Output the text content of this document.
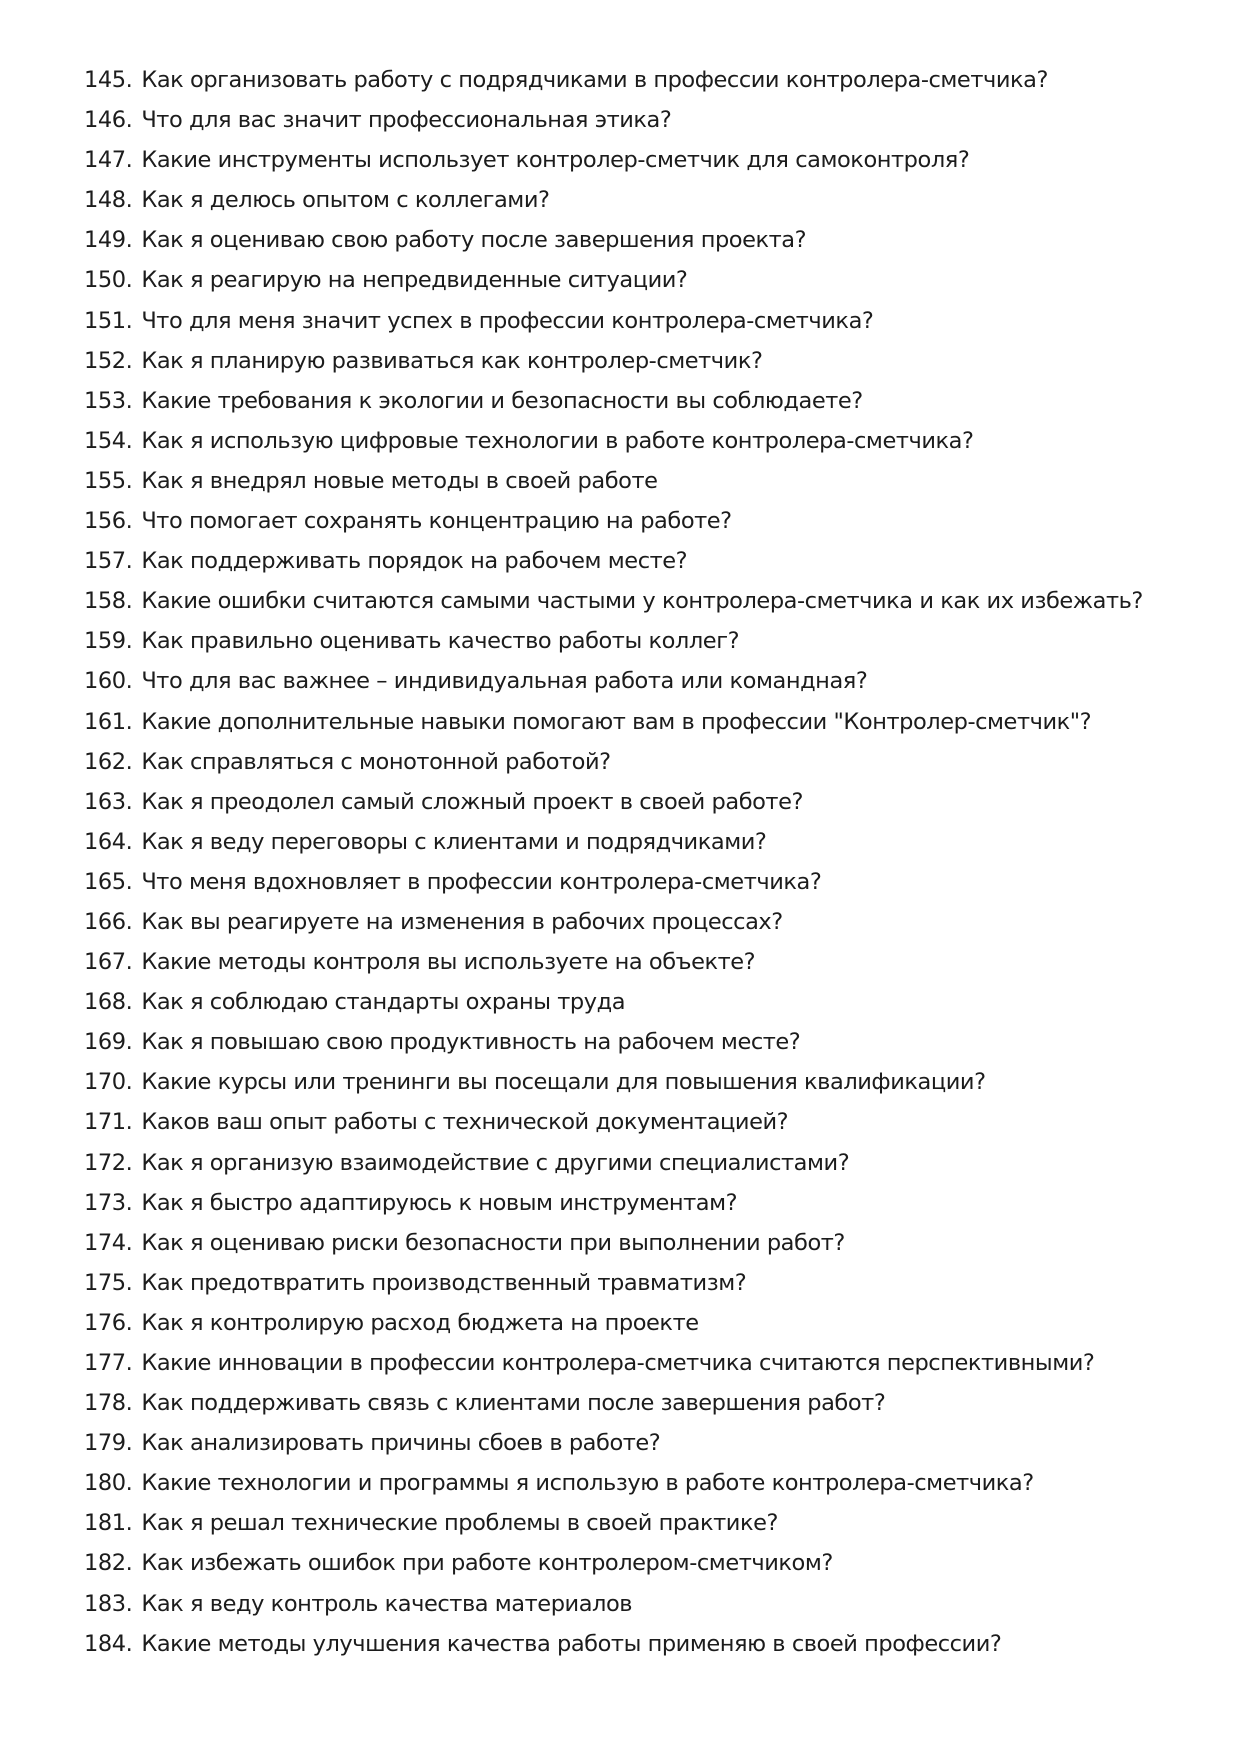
145 . Как организовать работу с подрядчиками в профессии контролера-сметчика?
146 . Что для вас значит профессиональная этика?
147 . Какие инструменты использует контролер-сметчик для самоконтроля?
148 . Как я делюсь опытом с коллегами?
149 . Как я оцениваю свою работу после завершения проекта?
150 . Как я реагирую на непредвиденные ситуации?
151 . Что для меня значит успех в профессии контролера-сметчика?
152 . Как я планирую развиваться как контролер-сметчик?
153 . Какие требования к экологии и безопасности вы соблюдаете?
154 . Как я использую цифровые технологии в работе контролера-сметчика?
155 . Как я внедрял новые методы в своей работе
156 . Что помогает сохранять концентрацию на работе?
157 . Как поддерживать порядок на рабочем месте?
158 . Какие ошибки считаются самыми частыми у контролера-сметчика и как их избежать?
159 . Как правильно оценивать качество работы коллег?
160 . Что для вас важнее – индивидуальная работа или командная?
161 . Какие дополнительные навыки помогают вам в профессии "Контролер-сметчик"?
162 . Как справляться с монотонной работой?
163 . Как я преодолел самый сложный проект в своей работе?
164 . Как я веду переговоры с клиентами и подрядчиками?
165 . Что меня вдохновляет в профессии контролера-сметчика?
166 . Как вы реагируете на изменения в рабочих процессах?
167 . Какие методы контроля вы используете на объекте?
168 . Как я соблюдаю стандарты охраны труда
169 . Как я повышаю свою продуктивность на рабочем месте?
170 . Какие курсы или тренинги вы посещали для повышения квалификации?
171 . Каков ваш опыт работы с технической документацией?
172 . Как я организую взаимодействие с другими специалистами?
173 . Как я быстро адаптируюсь к новым инструментам?
174 . Как я оцениваю риски безопасности при выполнении работ?
175 . Как предотвратить производственный травматизм?
176 . Как я контролирую расход бюджета на проекте
177 . Какие инновации в профессии контролера-сметчика считаются перспективными?
178 . Как поддерживать связь с клиентами после завершения работ?
179 . Как анализировать причины сбоев в работе?
180 . Какие технологии и программы я использую в работе контролера-сметчика?
181 . Как я решал технические проблемы в своей практике?
182 . Как избежать ошибок при работе контролером-сметчиком?
183 . Как я веду контроль качества материалов
184 . Какие методы улучшения качества работы применяю в своей профессии?
